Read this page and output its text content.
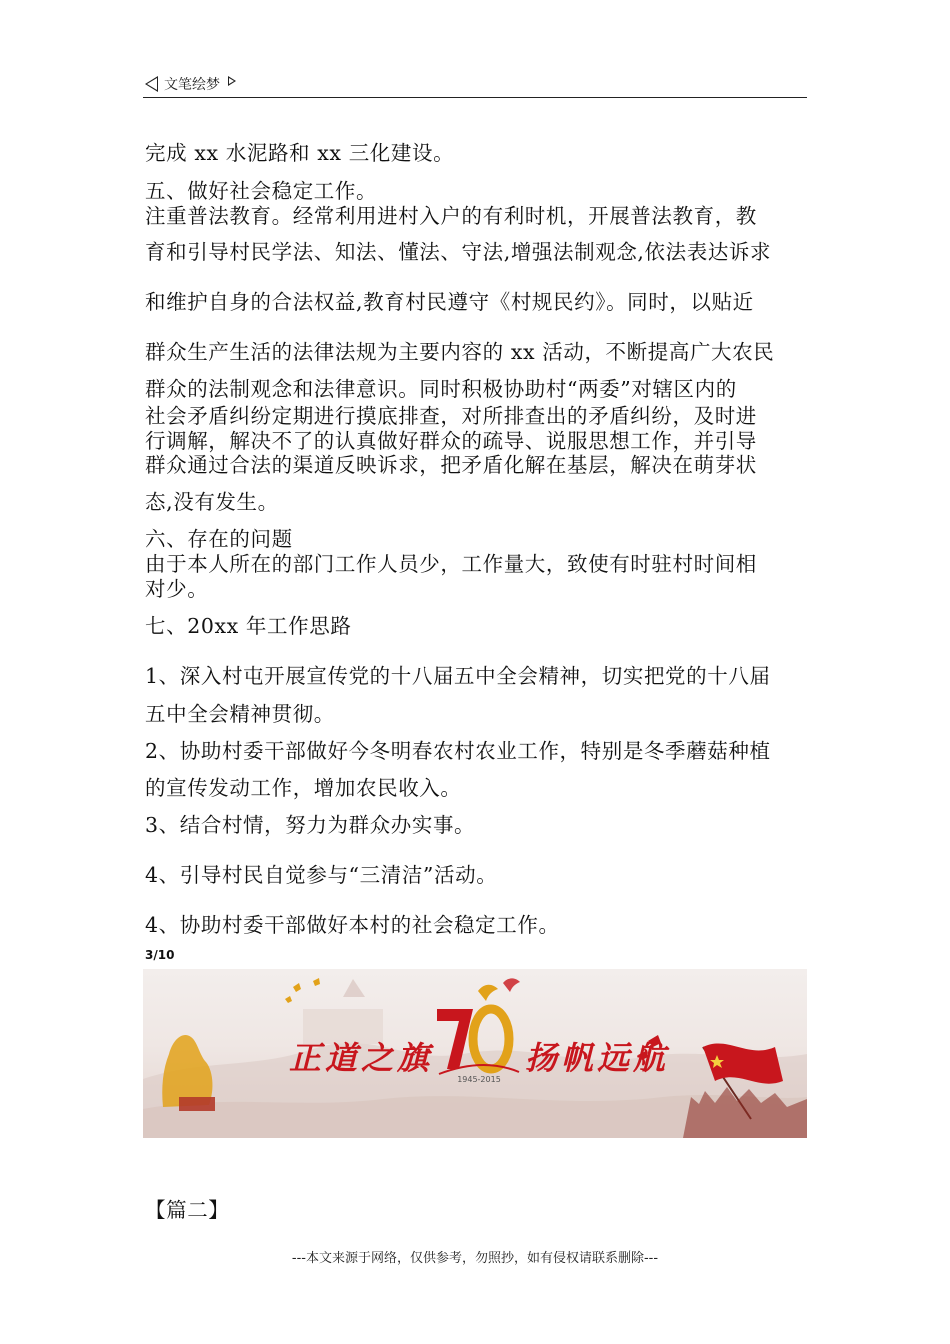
文笔绘梦
完成 xx 水泥路和 xx 三化建设。
五、做好社会稳定工作。
注重普法教育。经常利用进村入户的有利时机，开展普法教育，教
育和引导村民学法、知法、懂法、守法,增强法制观念,依法表达诉求
和维护自身的合法权益,教育村民遵守《村规民约》。同时，以贴近
群众生产生活的法律法规为主要内容的 xx 活动，不断提高广大农民
群众的法制观念和法律意识。同时积极协助村“两委”对辖区内的
社会矛盾纠纷定期进行摸底排查，对所排查出的矛盾纠纷，及时进
行调解，解决不了的认真做好群众的疏导、说服思想工作，并引导
群众通过合法的渠道反映诉求，把矛盾化解在基层，解决在萌芽状
态,没有发生。
六、存在的问题
由于本人所在的部门工作人员少，工作量大，致使有时驻村时间相
对少。
七、20xx 年工作思路
1、深入村屯开展宣传党的十八届五中全会精神，切实把党的十八届
五中全会精神贯彻。
2、协助村委干部做好今冬明春农村农业工作，特别是冬季蘑菇种植
的宣传发动工作，增加农民收入。
3、结合村情，努力为群众办实事。
4、引导村民自觉参与“三清洁”活动。
4、协助村委干部做好本村的社会稳定工作。
3/10
1945-2015
正道之旗	扬帆远航
【篇二】
---本文来源于网络，仅供参考，勿照抄，如有侵权请联系删除---
